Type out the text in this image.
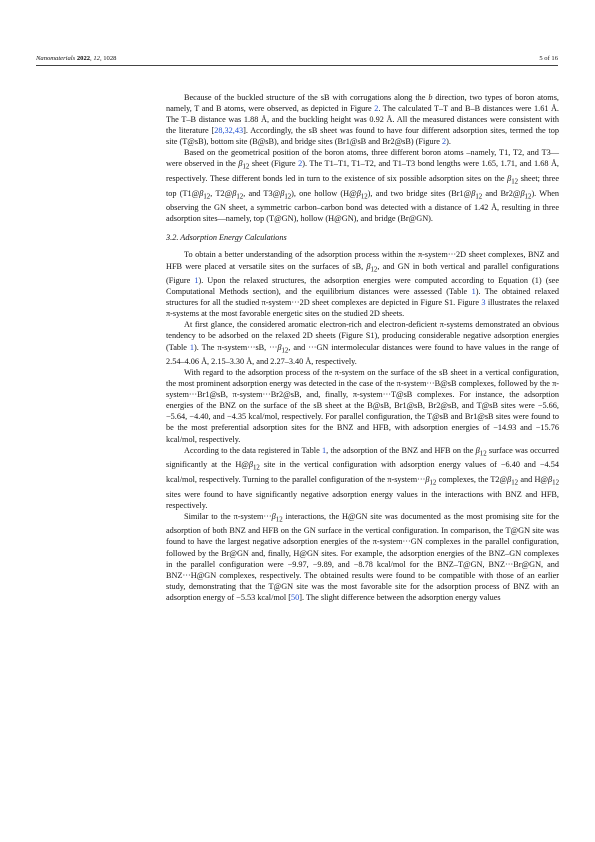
Nanomaterials 2022, 12, 1028	5 of 16

Because of the buckled structure of the sB with corrugations along the b direction, two types of boron atoms, namely, T and B atoms, were observed, as depicted in Figure 2. The calculated T–T and B–B distances were 1.61 Å. The T–B distance was 1.88 Å, and the buckling height was 0.92 Å. All the measured distances were consistent with the literature [28,32,43]. Accordingly, the sB sheet was found to have four different adsorption sites, termed the top site (T@sB), bottom site (B@sB), and bridge sites (Br1@sB and Br2@sB) (Figure 2).

Based on the geometrical position of the boron atoms, three different boron atoms –namely, T1, T2, and T3—were observed in the $\beta_{12}$ sheet (Figure 2). The T1–T1, T1–T2, and T1–T3 bond lengths were 1.65, 1.71, and 1.68 Å, respectively. These different bonds led in turn to the existence of six possible adsorption sites on the $\beta_{12}$ sheet; three top ($T1@\beta_{12}$, $T2@\beta_{12}$, and $T3@\beta_{12}$), one hollow $(H@\beta_{12})$, and two bridge sites ($Br1@\beta_{12}$ and $Br2@\beta_{12}$). When observing the GN sheet, a symmetric carbon–carbon bond was detected with a distance of 1.42 Å, resulting in three adsorption sites—namely, top (T@GN), hollow (H@GN), and bridge (Br@GN).

3.2. Adsorption Energy Calculations

To obtain a better understanding of the adsorption process within the π-system···2D sheet complexes, BNZ and HFB were placed at versatile sites on the surfaces of sB, $\beta_{12}$, and GN in both vertical and parallel configurations (Figure 1). Upon the relaxed structures, the adsorption energies were computed according to Equation (1) (see Computational Methods section), and the equilibrium distances were assessed (Table 1). The obtained relaxed structures for all the studied π-system···2D sheet complexes are depicted in Figure S1. Figure 3 illustrates the relaxed π-systems at the most favorable energetic sites on the studied 2D sheets.

At first glance, the considered aromatic electron-rich and electron-deficient π-systems demonstrated an obvious tendency to be adsorbed on the relaxed 2D sheets (Figure S1), producing considerable negative adsorption energies (Table 1). The π-system···sB, $\cdot\cdot\cdot\beta_{12}$, and ···GN intermolecular distances were found to have values in the range of 2.54–4.06 Å, 2.15–3.30 Å, and 2.27–3.40 Å, respectively.

With regard to the adsorption process of the π-system on the surface of the sB sheet in a vertical configuration, the most prominent adsorption energy was detected in the case of the π-system···B@sB complexes, followed by the π-system···Br1@sB, π-system···Br2@sB, and, finally, π-system···T@sB complexes. For instance, the adsorption energies of the BNZ on the surface of the sB sheet at the B@sB, Br1@sB, Br2@sB, and T@sB sites were −5.66, −5.64, −4.40, and −4.35 kcal/mol, respectively. For parallel configuration, the T@sB and Br1@sB sites were found to be the most preferential adsorption sites for the BNZ and HFB, with adsorption energies of −14.93 and −15.76 kcal/mol, respectively.

According to the data registered in Table 1, the adsorption of the BNZ and HFB on the $\beta_{12}$ surface was occurred significantly at the $H@\beta_{12}$ site in the vertical configuration with adsorption energy values of −6.40 and −4.54 kcal/mol, respectively. Turning to the parallel configuration of the $\pi-system\cdot\cdot\cdot\beta_{12}$ complexes, the $T2@\beta_{12}$ and $H@\beta_{12}$ sites were found to have significantly negative adsorption energy values in the interactions with BNZ and HFB, respectively.

Similar to the $\pi-system\cdot\cdot\cdot\beta_{12}$ interactions, the H@GN site was documented as the most promising site for the adsorption of both BNZ and HFB on the GN surface in the vertical configuration. In comparison, the T@GN site was found to have the largest negative adsorption energies of the π-system···GN complexes in the parallel configuration, followed by the Br@GN and, finally, H@GN sites. For example, the adsorption energies of the BNZ–GN complexes in the parallel configuration were −9.97, −9.89, and −8.78 kcal/mol for the BNZ–T@GN, BNZ···Br@GN, and BNZ···H@GN complexes, respectively. The obtained results were found to be compatible with those of an earlier study, demonstrating that the T@GN site was the most favorable site for the adsorption process of BNZ with an adsorption energy of −5.53 kcal/mol [50]. The slight difference between the adsorption energy values
